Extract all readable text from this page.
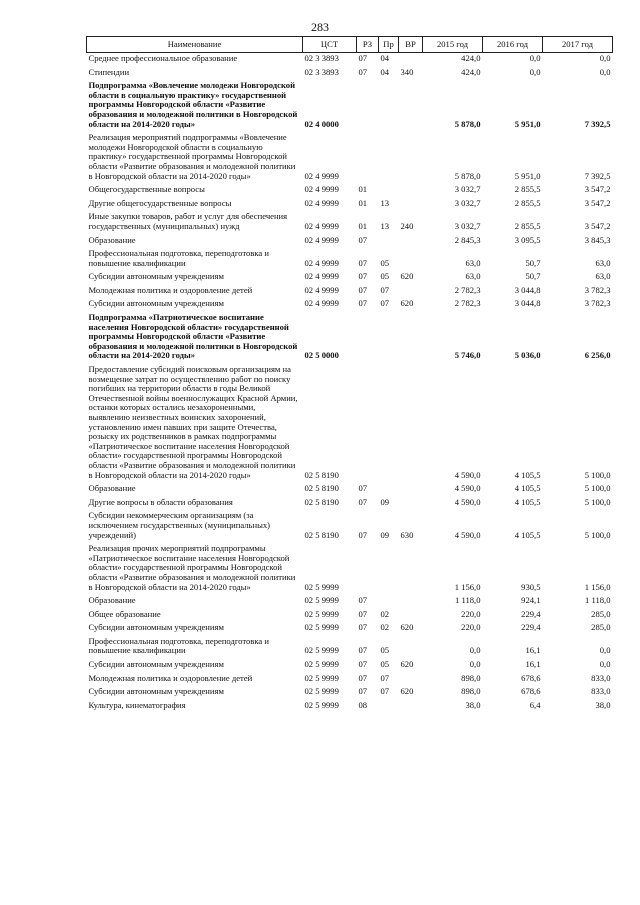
283
Наименование	ЦСТ	РЗ	Пр	ВР	2015 год	2016 год	2017 год
Среднее профессиональное образование	02 3 3893	07	04		424,0	0,0	0,0
Стипендии	02 3 3893	07	04	340	424,0	0,0	0,0
Подпрограмма «Вовлечение молодежи Новгородской области в социальную практику» государственной программы Новгородской области «Развитие образования и молодежной политики в Новгородской области на 2014-2020 годы»	02 4 0000				5 878,0	5 951,0	7 392,5
Реализация мероприятий подпрограммы «Вовлечение молодежи Новгородской области в социальную практику» государственной программы Новгородской области «Развитие образования и молодежной политики в Новгородской области на 2014-2020 годы»	02 4 9999				5 878,0	5 951,0	7 392,5
Общегосударственные вопросы	02 4 9999	01			3 032,7	2 855,5	3 547,2
Другие общегосударственные вопросы	02 4 9999	01	13		3 032,7	2 855,5	3 547,2
Иные закупки товаров, работ и услуг для обеспечения государственных (муниципальных) нужд	02 4 9999	01	13	240	3 032,7	2 855,5	3 547,2
Образование	02 4 9999	07			2 845,3	3 095,5	3 845,3
Профессиональная подготовка, переподготовка и повышение квалификации	02 4 9999	07	05		63,0	50,7	63,0
Субсидии автономным учреждениям	02 4 9999	07	05	620	63,0	50,7	63,0
Молодежная политика и оздоровление детей	02 4 9999	07	07		2 782,3	3 044,8	3 782,3
Субсидии автономным учреждениям	02 4 9999	07	07	620	2 782,3	3 044,8	3 782,3
Подпрограмма «Патриотическое воспитание населения Новгородской области» государственной программы Новгородской области «Развитие образования и молодежной политики в Новгородской области на 2014-2020 годы»	02 5 0000				5 746,0	5 036,0	6 256,0
Предоставление субсидий поисковым организациям на возмещение затрат по осуществлению работ по поиску погибших на территории области в годы Великой Отечественной войны военнослужащих Красной Армии, останки которых остались незахороненными, выявлению неизвестных воинских захоронений, установлению имен павших при защите Отечества, розыску их родственников в рамках подпрограммы «Патриотическое воспитание населения Новгородской области» государственной программы Новгородской области «Развитие образования и молодежной политики в Новгородской области на 2014-2020 годы»	02 5 8190				4 590,0	4 105,5	5 100,0
Образование	02 5 8190	07			4 590,0	4 105,5	5 100,0
Другие вопросы в области образования	02 5 8190	07	09		4 590,0	4 105,5	5 100,0
Субсидии некоммерческим организациям (за исключением государственных (муниципальных) учреждений)	02 5 8190	07	09	630	4 590,0	4 105,5	5 100,0
Реализация прочих мероприятий подпрограммы «Патриотическое воспитание населения Новгородской области» государственной программы Новгородской области «Развитие образования и молодежной политики в Новгородской области на 2014-2020 годы»	02 5 9999				1 156,0	930,5	1 156,0
Образование	02 5 9999	07			1 118,0	924,1	1 118,0
Общее образование	02 5 9999	07	02		220,0	229,4	285,0
Субсидии автономным учреждениям	02 5 9999	07	02	620	220,0	229,4	285,0
Профессиональная подготовка, переподготовка и повышение квалификации	02 5 9999	07	05		0,0	16,1	0,0
Субсидии автономным учреждениям	02 5 9999	07	05	620	0,0	16,1	0,0
Молодежная политика и оздоровление детей	02 5 9999	07	07		898,0	678,6	833,0
Субсидии автономным учреждениям	02 5 9999	07	07	620	898,0	678,6	833,0
Культура, кинематография	02 5 9999	08			38,0	6,4	38,0
